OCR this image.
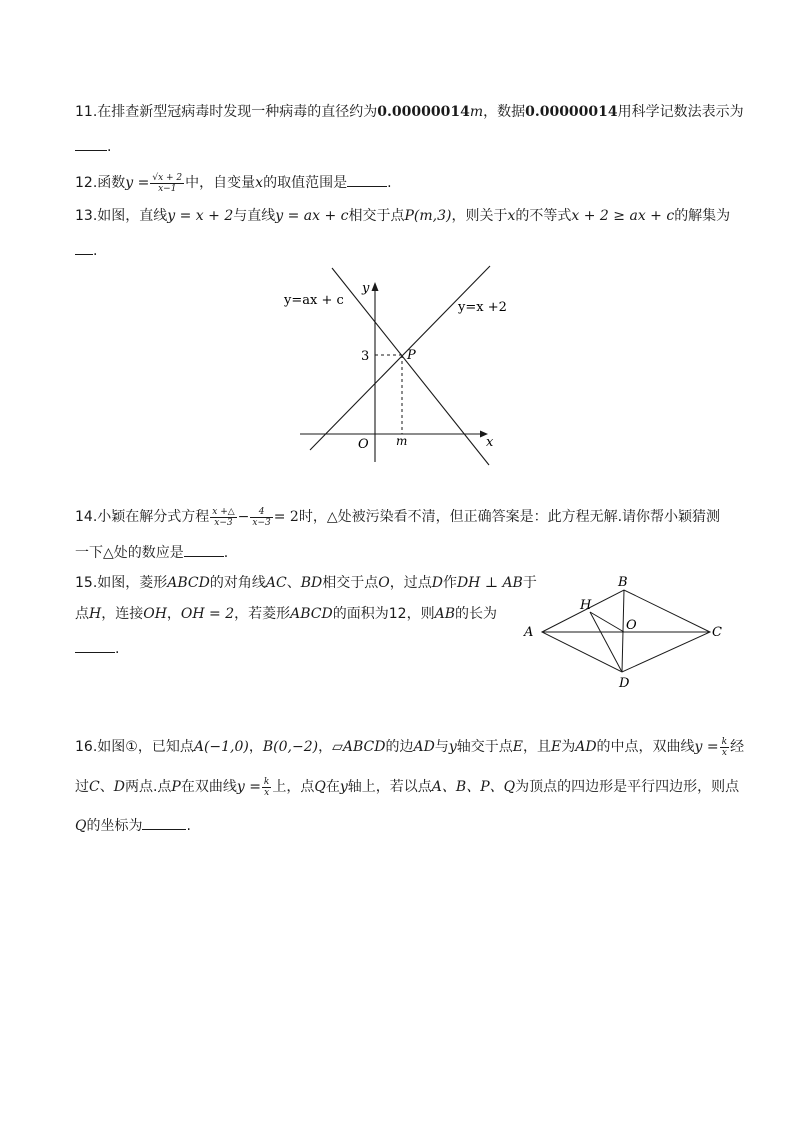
11.在排查新型冠病毒时发现一种病毒的直径约为0.00000014m，数据0.00000014用科学记数法表示为
.
12.函数$y = \frac{√x + 2}{x-1}$ 中，自变量x的取值范围是	.
13.如图，直线y = x + 2与直线y = ax + c相交于点P(m,3)，则关于x的不等式x + 2 ≥ ax + c的解集为
.
y=ax + c	y=x +2
y
x
O
3
m
P
14.小颖在解分式方程 $\frac{x +\triangle}{x-3} - \frac{4}{x-3} = 2$时，△处被污染看不清，但正确答案是：此方程无解.请你帮小颖猜测
一下△处的数应是	.
15.如图，菱形ABCD的对角线AC、BD相交于点O，过点D作DH ⊥ AB于
点H，连接OH，OH = 2，若菱形ABCD的面积为12，则AB的长为
.
A
B
C
D
H
O
16.如图①，已知点A(−1,0)，B(0,−2)，▱ABCD的边AD与y轴交于点E，且E为AD的中点，双曲线$y = \frac{k}{x}$ 经
过C、D两点.点P在双曲线$y = \frac{k}{x}$ 上，点Q在y轴上，若以点A、B、P、Q为顶点的四边形是平行四边形，则点
Q的坐标为	.
